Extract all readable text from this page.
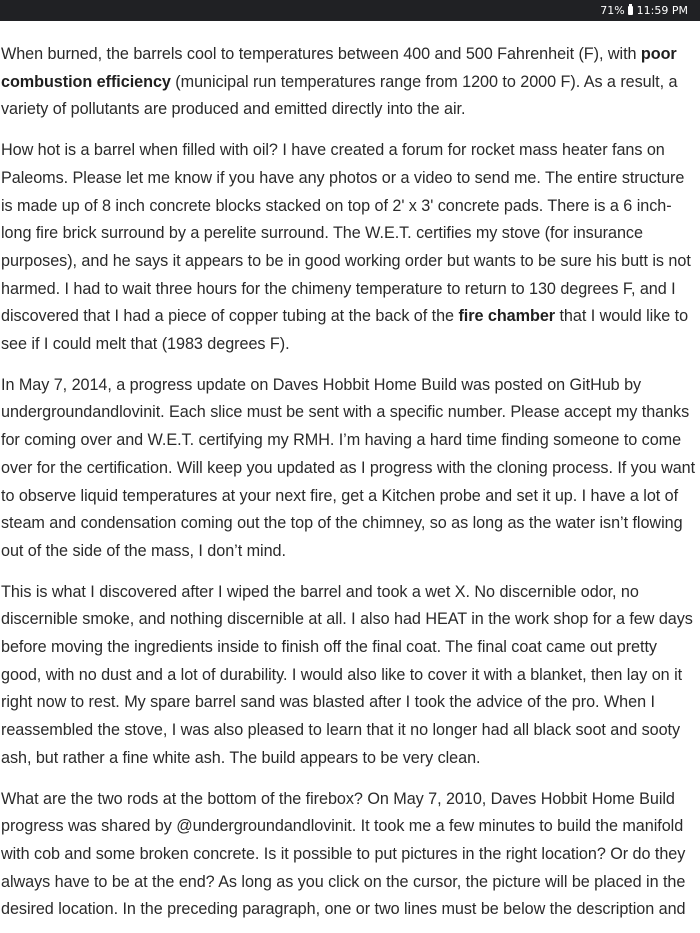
71% 11:59 PM

When burned, the barrels cool to temperatures between 400 and 500 Fahrenheit (F), with poor combustion efficiency (municipal run temperatures range from 1200 to 2000 F). As a result, a variety of pollutants are produced and emitted directly into the air.

How hot is a barrel when filled with oil? I have created a forum for rocket mass heater fans on Paleoms. Please let me know if you have any photos or a video to send me. The entire structure is made up of 8 inch concrete blocks stacked on top of 2' x 3' concrete pads. There is a 6 inch-long fire brick surround by a perelite surround. The W.E.T. certifies my stove (for insurance purposes), and he says it appears to be in good working order but wants to be sure his butt is not harmed. I had to wait three hours for the chimeny temperature to return to 130 degrees F, and I discovered that I had a piece of copper tubing at the back of the fire chamber that I would like to see if I could melt that (1983 degrees F).

In May 7, 2014, a progress update on Daves Hobbit Home Build was posted on GitHub by undergroundandlovinit. Each slice must be sent with a specific number. Please accept my thanks for coming over and W.E.T. certifying my RMH. I’m having a hard time finding someone to come over for the certification. Will keep you updated as I progress with the cloning process. If you want to observe liquid temperatures at your next fire, get a Kitchen probe and set it up. I have a lot of steam and condensation coming out the top of the chimney, so as long as the water isn’t flowing out of the side of the mass, I don’t mind.

This is what I discovered after I wiped the barrel and took a wet X. No discernible odor, no discernible smoke, and nothing discernible at all. I also had HEAT in the work shop for a few days before moving the ingredients inside to finish off the final coat. The final coat came out pretty good, with no dust and a lot of durability. I would also like to cover it with a blanket, then lay on it right now to rest. My spare barrel sand was blasted after I took the advice of the pro. When I reassembled the stove, I was also pleased to learn that it no longer had all black soot and sooty ash, but rather a fine white ash. The build appears to be very clean.

What are the two rods at the bottom of the firebox? On May 7, 2010, Daves Hobbit Home Build progress was shared by @undergroundandlovinit. It took me a few minutes to build the manifold with cob and some broken concrete. Is it possible to put pictures in the right location? Or do they always have to be at the end? As long as you click on the cursor, the picture will be placed in the desired location. In the preceding paragraph, one or two lines must be below the description and
